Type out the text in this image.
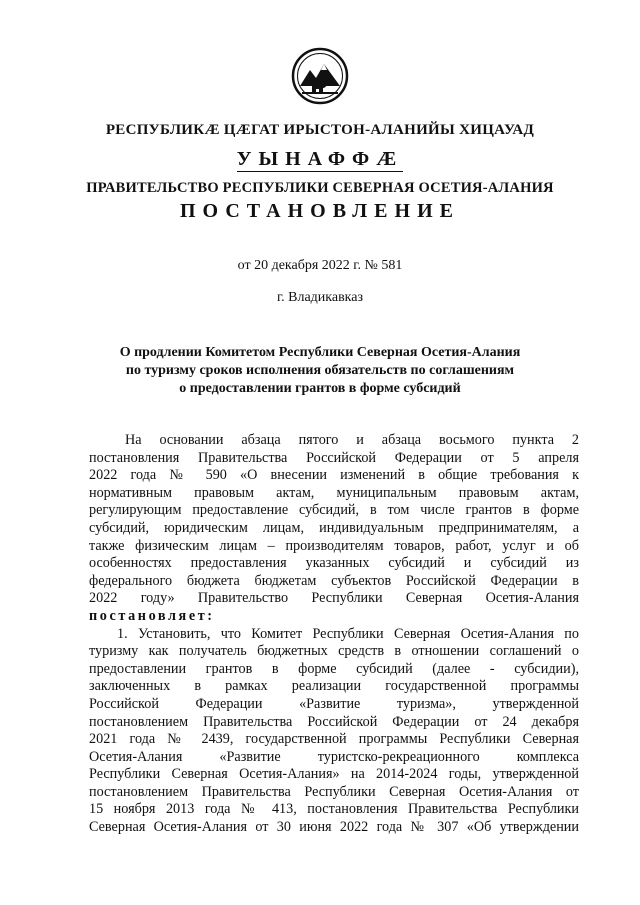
РЕСПУБЛИКӔ ЦӔГАТ ИРЫСТОН-АЛАНИЙЫ ХИЦАУАД
УЫНАФФӔ
ПРАВИТЕЛЬСТВО РЕСПУБЛИКИ СЕВЕРНАЯ ОСЕТИЯ-АЛАНИЯ
ПОСТАНОВЛЕНИЕ
от 20 декабря 2022 г. № 581
г. Владикавказ
О продлении Комитетом Республики Северная Осетия-Алания
по туризму сроков исполнения обязательств по соглашениям
о предоставлении грантов в форме субсидий
На основании абзаца пятого и абзаца восьмого пункта 2
постановления Правительства Российской Федерации от 5 апреля
2022 года № 590 «О внесении изменений в общие требования к
нормативным правовым актам, муниципальным правовым актам,
регулирующим предоставление субсидий, в том числе грантов в форме
субсидий, юридическим лицам, индивидуальным предпринимателям, а
также физическим лицам – производителям товаров, работ, услуг и об
особенностях предоставления указанных субсидий и субсидий из
федерального бюджета бюджетам субъектов Российской Федерации в
2022 году» Правительство Республики Северная Осетия-Алания
постановляет:
1. Установить, что Комитет Республики Северная Осетия-Алания по
туризму как получатель бюджетных средств в отношении соглашений о
предоставлении грантов в форме субсидий (далее - субсидии),
заключенных в рамках реализации государственной программы
Российской Федерации «Развитие туризма», утвержденной
постановлением Правительства Российской Федерации от 24 декабря
2021 года № 2439, государственной программы Республики Северная
Осетия-Алания «Развитие туристско-рекреационного комплекса
Республики Северная Осетия-Алания» на 2014-2024 годы, утвержденной
постановлением Правительства Республики Северная Осетия-Алания от
15 ноября 2013 года № 413, постановления Правительства Республики
Северная Осетия-Алания от 30 июня 2022 года № 307 «Об утверждении
